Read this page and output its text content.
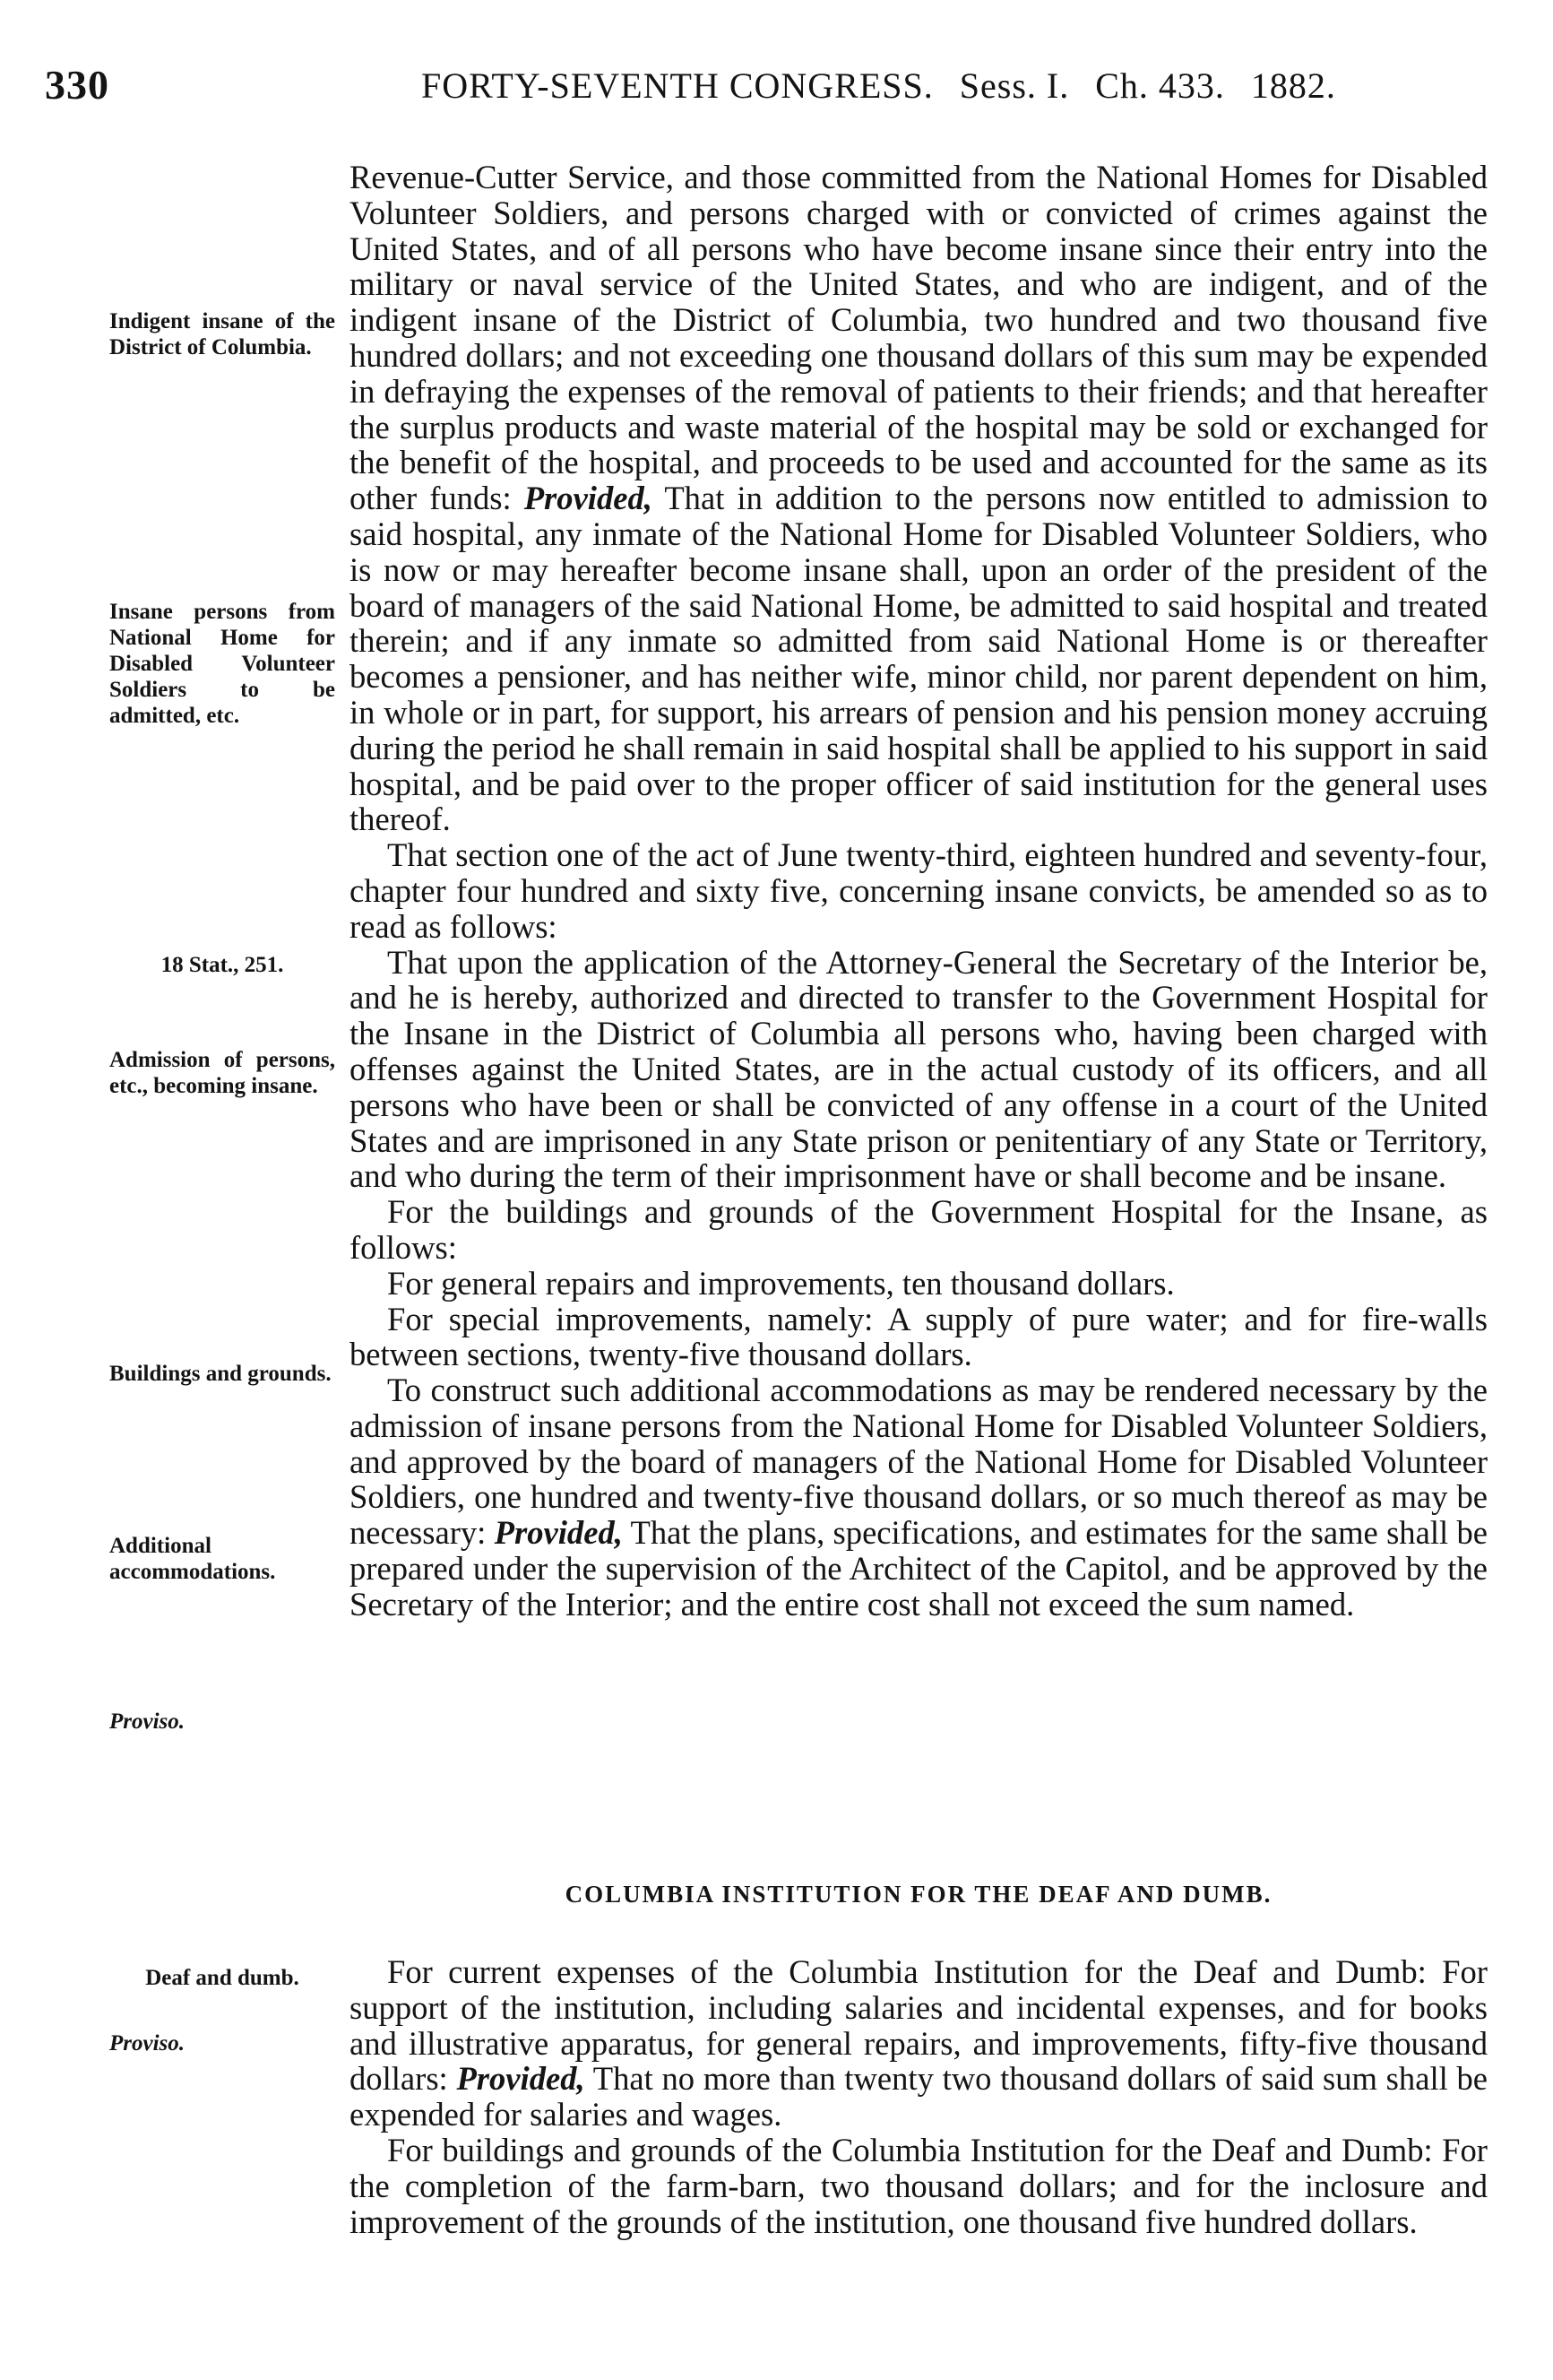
330	FORTY-SEVENTH CONGRESS. Sess. I. Ch. 433. 1882.
Indigent insane of the District of Columbia.
Insane persons from National Home for Disabled Volunteer Soldiers to be admitted, etc.
18 Stat., 251.
Admission of persons, etc., becoming insane.
Buildings and grounds.
Additional accommodations.
Proviso.
Deaf and dumb.
Proviso.

Revenue-Cutter Service, and those committed from the National Homes for Disabled Volunteer Soldiers, and persons charged with or convicted of crimes against the United States, and of all persons who have become insane since their entry into the military or naval service of the United States, and who are indigent, and of the indigent insane of the District of Columbia, two hundred and two thousand five hundred dollars; and not exceeding one thousand dollars of this sum may be expended in defraying the expenses of the removal of patients to their friends; and that hereafter the surplus products and waste material of the hospital may be sold or exchanged for the benefit of the hospital, and proceeds to be used and accounted for the same as its other funds: Provided, That in addition to the persons now entitled to admission to said hospital, any inmate of the National Home for Disabled Volunteer Soldiers, who is now or may hereafter become insane shall, upon an order of the president of the board of managers of the said National Home, be admitted to said hospital and treated therein; and if any inmate so admitted from said National Home is or thereafter becomes a pensioner, and has neither wife, minor child, nor parent dependent on him, in whole or in part, for support, his arrears of pension and his pension money accruing during the period he shall remain in said hospital shall be applied to his support in said hospital, and be paid over to the proper officer of said institution for the general uses thereof.

That section one of the act of June twenty-third, eighteen hundred and seventy-four, chapter four hundred and sixty five, concerning insane convicts, be amended so as to read as follows:

That upon the application of the Attorney-General the Secretary of the Interior be, and he is hereby, authorized and directed to transfer to the Government Hospital for the Insane in the District of Columbia all persons who, having been charged with offenses against the United States, are in the actual custody of its officers, and all persons who have been or shall be convicted of any offense in a court of the United States and are imprisoned in any State prison or penitentiary of any State or Territory, and who during the term of their imprisonment have or shall become and be insane.

For the buildings and grounds of the Government Hospital for the Insane, as follows:

For general repairs and improvements, ten thousand dollars.

For special improvements, namely: A supply of pure water; and for fire-walls between sections, twenty-five thousand dollars.

To construct such additional accommodations as may be rendered necessary by the admission of insane persons from the National Home for Disabled Volunteer Soldiers, and approved by the board of managers of the National Home for Disabled Volunteer Soldiers, one hundred and twenty-five thousand dollars, or so much thereof as may be necessary: Provided, That the plans, specifications, and estimates for the same shall be prepared under the supervision of the Architect of the Capitol, and be approved by the Secretary of the Interior; and the entire cost shall not exceed the sum named.

COLUMBIA INSTITUTION FOR THE DEAF AND DUMB.

For current expenses of the Columbia Institution for the Deaf and Dumb: For support of the institution, including salaries and incidental expenses, and for books and illustrative apparatus, for general repairs, and improvements, fifty-five thousand dollars: Provided, That no more than twenty two thousand dollars of said sum shall be expended for salaries and wages.

For buildings and grounds of the Columbia Institution for the Deaf and Dumb: For the completion of the farm-barn, two thousand dollars; and for the inclosure and improvement of the grounds of the institution, one thousand five hundred dollars.
